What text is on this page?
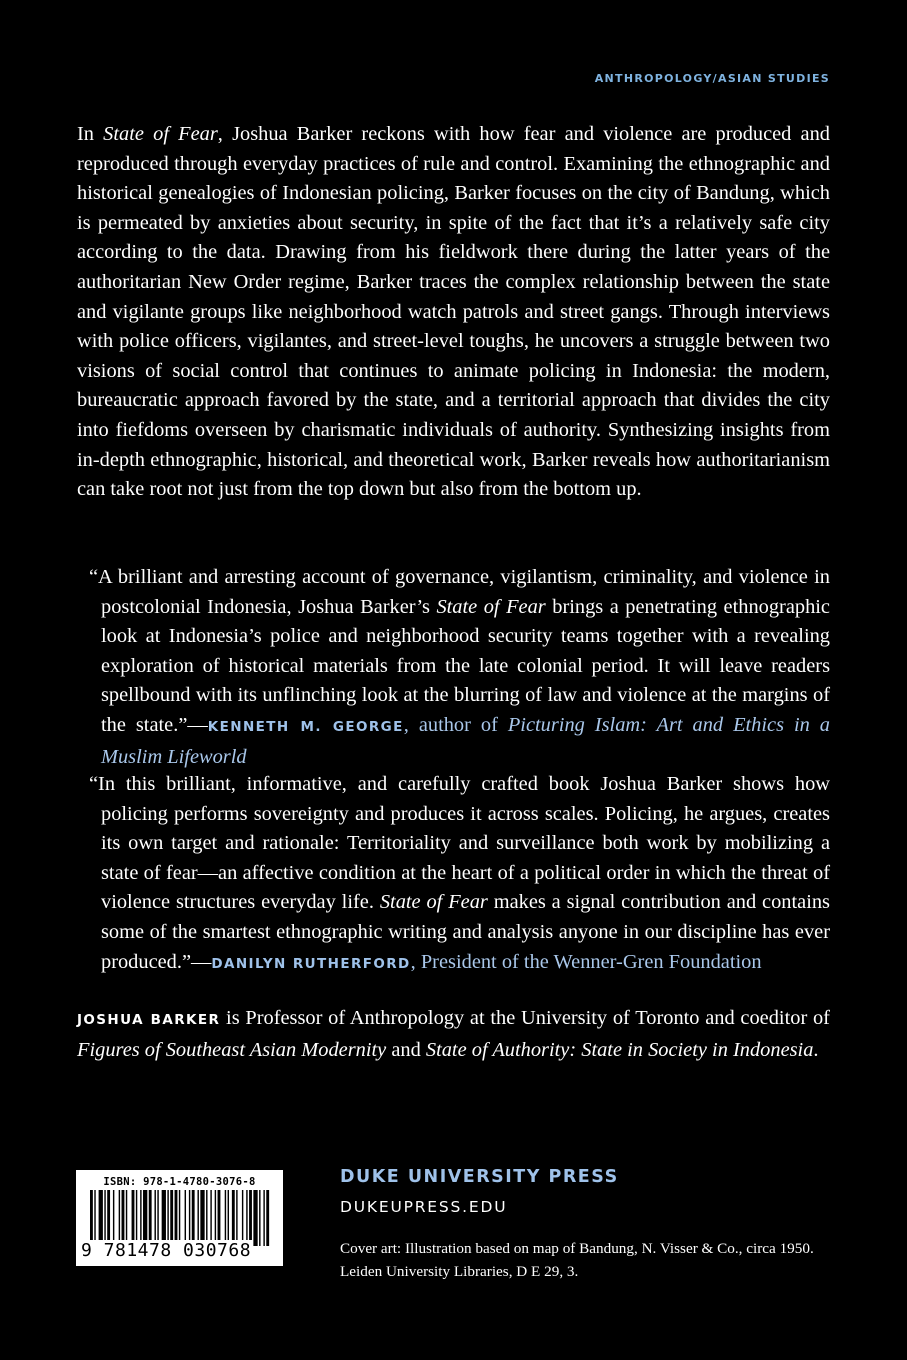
ANTHROPOLOGY/ASIAN STUDIES

In State of Fear, Joshua Barker reckons with how fear and violence are produced and reproduced through everyday practices of rule and control. Examining the ethnographic and historical genealogies of Indonesian policing, Barker focuses on the city of Bandung, which is permeated by anxieties about security, in spite of the fact that it’s a relatively safe city according to the data. Drawing from his fieldwork there during the latter years of the authoritarian New Order regime, Barker traces the complex relationship between the state and vigilante groups like neighborhood watch patrols and street gangs. Through interviews with police officers, vigilantes, and street-level toughs, he uncovers a struggle between two visions of social control that continues to animate policing in Indonesia: the modern, bureaucratic approach favored by the state, and a territorial approach that divides the city into fiefdoms overseen by charismatic individuals of authority. Synthesizing insights from in-depth ethnographic, historical, and theoretical work, Barker reveals how authoritarianism can take root not just from the top down but also from the bottom up.

“A brilliant and arresting account of governance, vigilantism, criminality, and violence in postcolonial Indonesia, Joshua Barker’s State of Fear brings a penetrating ethnographic look at Indonesia’s police and neighborhood security teams together with a revealing exploration of historical materials from the late colonial period. It will leave readers spellbound with its unflinching look at the blurring of law and violence at the margins of the state.”—KENNETH M. GEORGE, author of Picturing Islam: Art and Ethics in a Muslim Lifeworld

“In this brilliant, informative, and carefully crafted book Joshua Barker shows how policing performs sovereignty and produces it across scales. Policing, he argues, creates its own target and rationale: Territoriality and surveillance both work by mobilizing a state of fear—an affective condition at the heart of a political order in which the threat of violence structures everyday life. State of Fear makes a signal contribution and contains some of the smartest ethnographic writing and analysis anyone in our discipline has ever produced.”—DANILYN RUTHERFORD, President of the Wenner-Gren Foundation

JOSHUA BARKER is Professor of Anthropology at the University of Toronto and coeditor of Figures of Southeast Asian Modernity and State of Authority: State in Society in Indonesia.

ISBN: 978-1-4780-3076-8
9 781478 030768
DUKE UNIVERSITY PRESS
DUKEUPRESS.EDU
Cover art: Illustration based on map of Bandung, N. Visser & Co., circa 1950. Leiden University Libraries, D E 29, 3.
